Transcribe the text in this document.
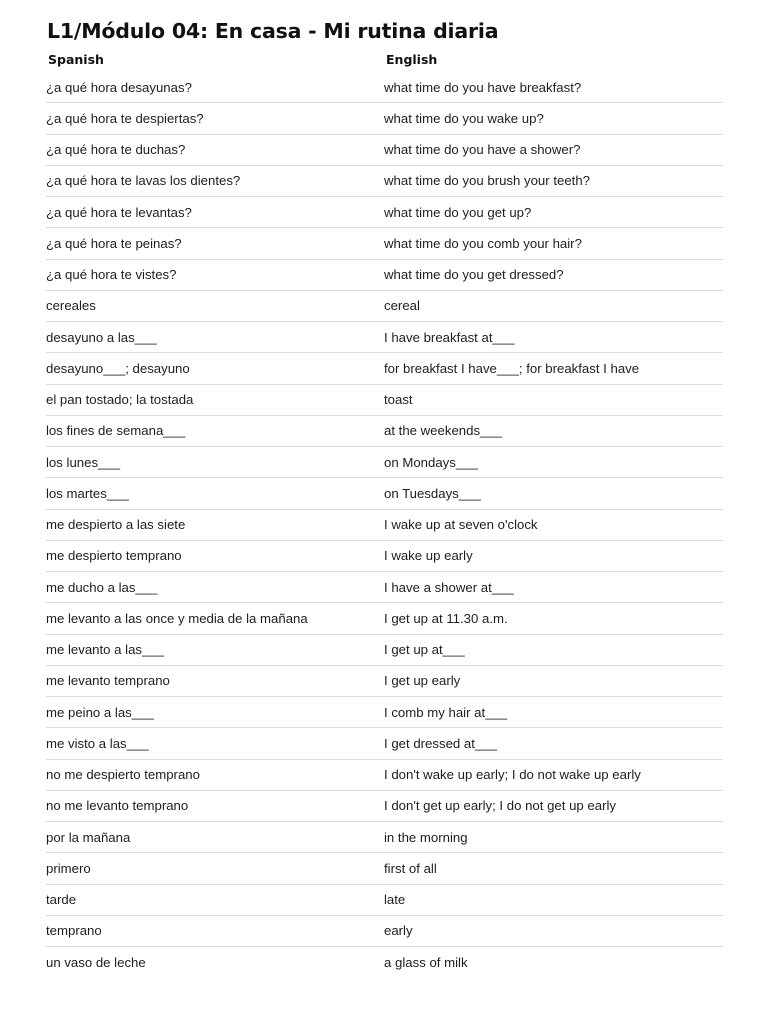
L1/Módulo 04: En casa - Mi rutina diaria
Spanish	English
¿a qué hora desayunas?	what time do you have breakfast?
¿a qué hora te despiertas?	what time do you wake up?
¿a qué hora te duchas?	what time do you have a shower?
¿a qué hora te lavas los dientes?	what time do you brush your teeth?
¿a qué hora te levantas?	what time do you get up?
¿a qué hora te peinas?	what time do you comb your hair?
¿a qué hora te vistes?	what time do you get dressed?
cereales	cereal
desayuno a las___	I have breakfast at___
desayuno___; desayuno	for breakfast I have___; for breakfast I have
el pan tostado; la tostada	toast
los fines de semana___	at the weekends___
los lunes___	on Mondays___
los martes___	on Tuesdays___
me despierto a las siete	I wake up at seven o'clock
me despierto temprano	I wake up early
me ducho a las___	I have a shower at___
me levanto a las once y media de la mañana	I get up at 11.30 a.m.
me levanto a las___	I get up at___
me levanto temprano	I get up early
me peino a las___	I comb my hair at___
me visto a las___	I get dressed at___
no me despierto temprano	I don't wake up early; I do not wake up early
no me levanto temprano	I don't get up early; I do not get up early
por la mañana	in the morning
primero	first of all
tarde	late
temprano	early
un vaso de leche	a glass of milk
